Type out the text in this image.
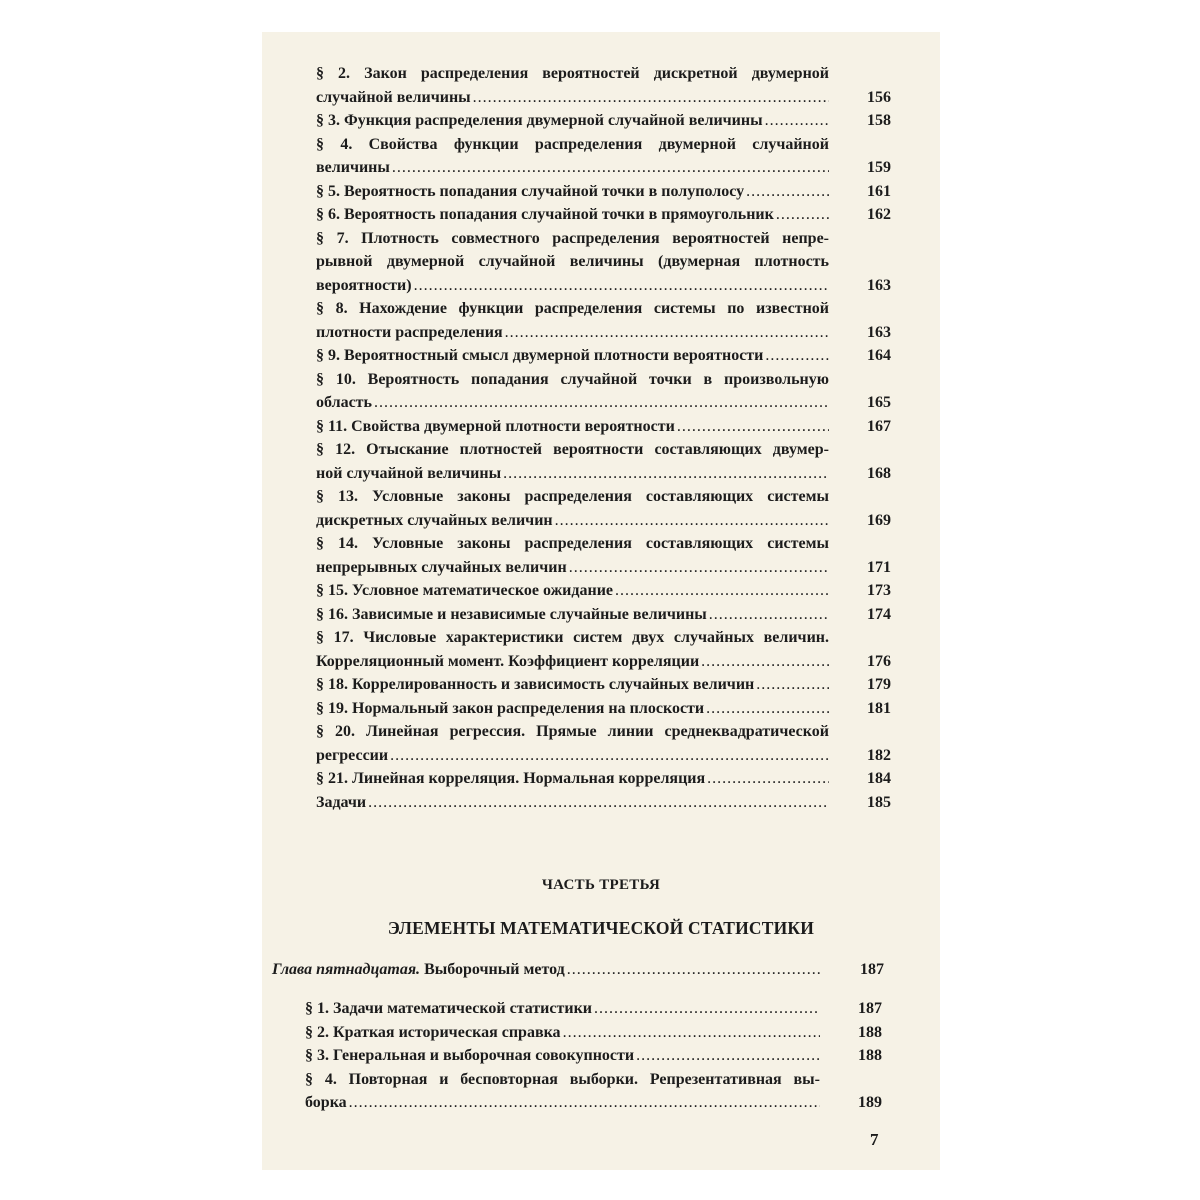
§ 2. Закон распределения вероятностей дискретной двумерной
случайной величины .....	156
§ 3. Функция распределения двумерной случайной величины .....	158
§ 4. Свойства функции распределения двумерной случайной
величины .....	159
§ 5. Вероятность попадания случайной точки в полуполосу .....	161
§ 6. Вероятность попадания случайной точки в прямоугольник .....	162
§ 7. Плотность совместного распределения вероятностей непре-
рывной двумерной случайной величины (двумерная плотность
вероятности) .....	163
§ 8. Нахождение функции распределения системы по известной
плотности распределения .....	163
§ 9. Вероятностный смысл двумерной плотности вероятности .....	164
§ 10. Вероятность попадания случайной точки в произвольную
область .....	165
§ 11. Свойства двумерной плотности вероятности .....	167
§ 12. Отыскание плотностей вероятности составляющих двумер-
ной случайной величины .....	168
§ 13. Условные законы распределения составляющих системы
дискретных случайных величин .....	169
§ 14. Условные законы распределения составляющих системы
непрерывных случайных величин .....	171
§ 15. Условное математическое ожидание .....	173
§ 16. Зависимые и независимые случайные величины .....	174
§ 17. Числовые характеристики систем двух случайных величин.
Корреляционный момент. Коэффициент корреляции .....	176
§ 18. Коррелированность и зависимость случайных величин .....	179
§ 19. Нормальный закон распределения на плоскости .....	181
§ 20. Линейная регрессия. Прямые линии среднеквадратической
регрессии .....	182
§ 21. Линейная корреляция. Нормальная корреляция .....	184
Задачи .....	185
ЧАСТЬ ТРЕТЬЯ
ЭЛЕМЕНТЫ МАТЕМАТИЧЕСКОЙ СТАТИСТИКИ
Глава пятнадцатая. Выборочный метод .....	187
§ 1. Задачи математической статистики .....	187
§ 2. Краткая историческая справка .....	188
§ 3. Генеральная и выборочная совокупности .....	188
§ 4. Повторная и бесповторная выборки. Репрезентативная вы-
борка .....	189
7
